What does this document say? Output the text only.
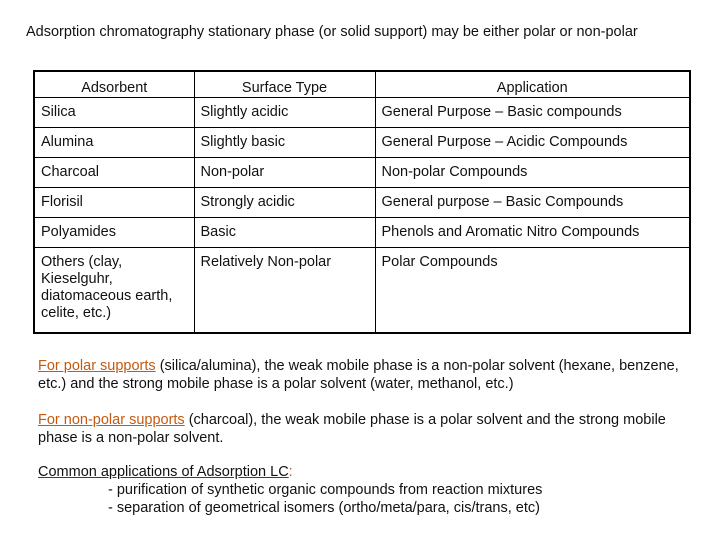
Adsorption chromatography stationary phase (or solid support) may be either polar or non-polar
Adsorbent	Surface Type	Application
Silica	Slightly acidic	General Purpose – Basic compounds
Alumina	Slightly basic	General Purpose – Acidic Compounds
Charcoal	Non-polar	Non-polar Compounds
Florisil	Strongly acidic	General purpose – Basic Compounds
Polyamides	Basic	Phenols and Aromatic Nitro Compounds
Others (clay, Kieselguhr, diatomaceous earth, celite, etc.)	Relatively Non-polar	Polar Compounds
For polar supports (silica/alumina), the weak mobile phase is a non-polar solvent (hexane, benzene, etc.) and the strong mobile phase is a polar solvent (water, methanol, etc.)
For non-polar supports (charcoal), the weak mobile phase is a polar solvent and the strong mobile phase is a non-polar solvent.
Common applications of Adsorption LC:
- purification of synthetic organic compounds from reaction mixtures
- separation of geometrical isomers (ortho/meta/para, cis/trans, etc)
